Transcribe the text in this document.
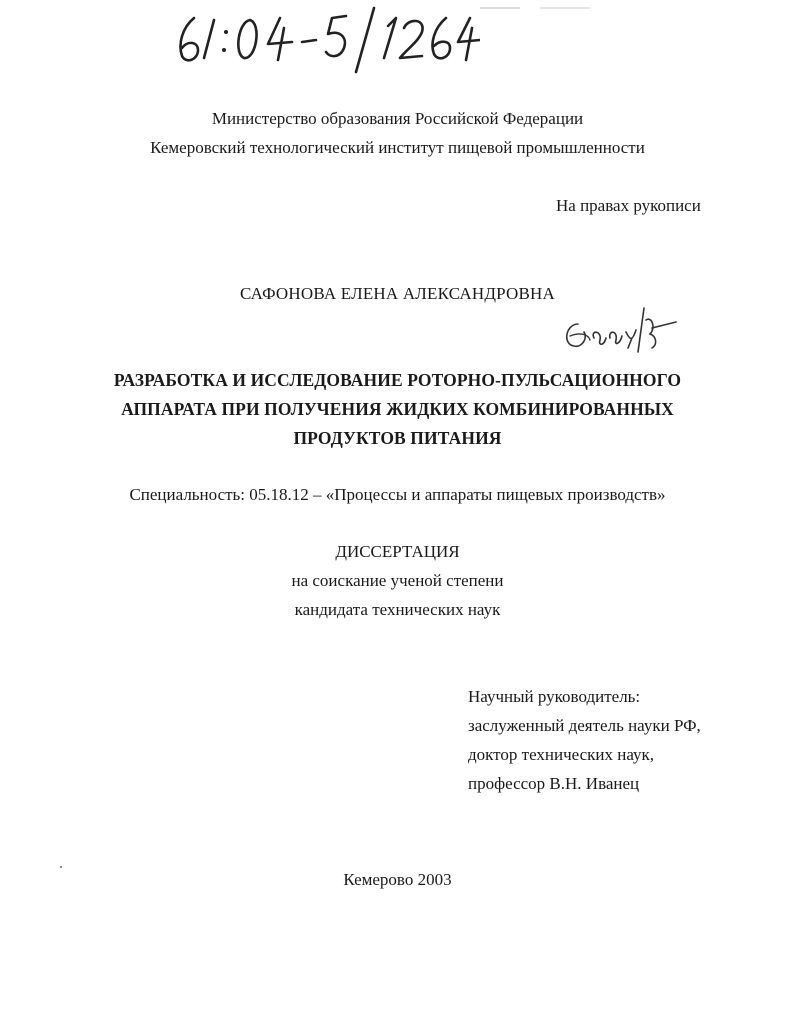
Министерство образования Российской Федерации
Кемеровский технологический институт пищевой промышленности
На правах рукописи
САФОНОВА ЕЛЕНА АЛЕКСАНДРОВНА
РАЗРАБОТКА И ИССЛЕДОВАНИЕ РОТОРНО-ПУЛЬСАЦИОННОГО
АППАРАТА ПРИ ПОЛУЧЕНИЯ ЖИДКИХ КОМБИНИРОВАННЫХ
ПРОДУКТОВ ПИТАНИЯ
Специальность: 05.18.12 – «Процессы и аппараты пищевых производств»
ДИССЕРТАЦИЯ
на соискание ученой степени
кандидата технических наук
Научный руководитель:
заслуженный деятель науки РФ,
доктор технических наук,
профессор В.Н. Иванец
Кемерово 2003
